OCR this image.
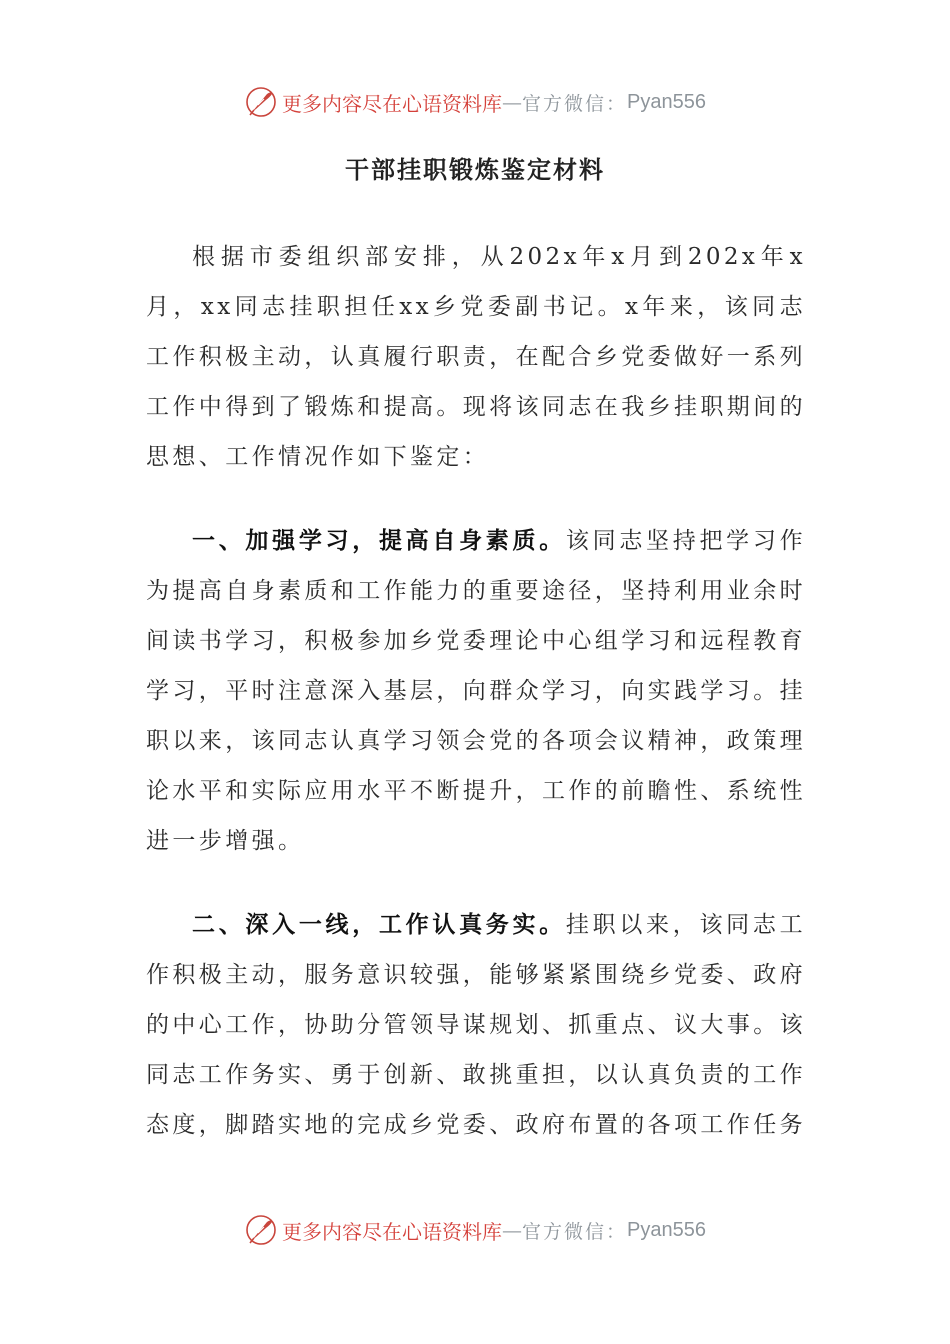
更多内容尽在心语资料库 — 官方微信： Pyan556
干部挂职锻炼鉴定材料

根据市委组织部安排，从202x年x月到202x年x月，xx同志挂职担任xx乡党委副书记。x年来，该同志工作积极主动，认真履行职责，在配合乡党委做好一系列工作中得到了锻炼和提高。现将该同志在我乡挂职期间的思想、工作情况作如下鉴定：

一、加强学习，提高自身素质。该同志坚持把学习作为提高自身素质和工作能力的重要途径，坚持利用业余时间读书学习，积极参加乡党委理论中心组学习和远程教育学习，平时注意深入基层，向群众学习，向实践学习。挂职以来，该同志认真学习领会党的各项会议精神，政策理论水平和实际应用水平不断提升，工作的前瞻性、系统性进一步增强。

二、深入一线，工作认真务实。挂职以来，该同志工作积极主动，服务意识较强，能够紧紧围绕乡党委、政府的中心工作，协助分管领导谋规划、抓重点、议大事。该同志工作务实、勇于创新、敢挑重担，以认真负责的工作态度，脚踏实地的完成乡党委、政府布置的各项工作任务

更多内容尽在心语资料库 — 官方微信： Pyan556
